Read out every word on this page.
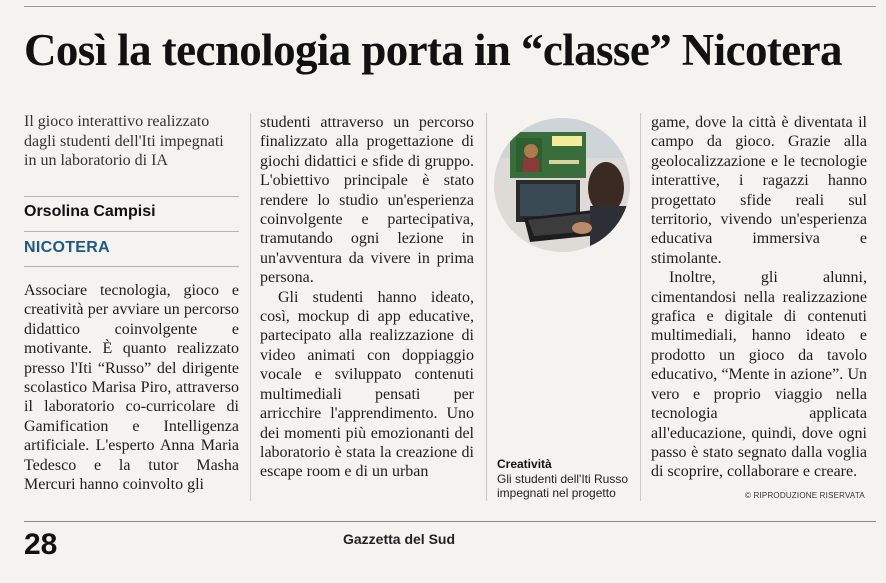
Così la tecnologia porta in “classe” Nicotera
Il gioco interattivo realizzato dagli studenti dell'Iti impegnati in un laboratorio di IA
Orsolina Campisi
NICOTERA

Associare tecnologia, gioco e creatività per avviare un percorso didattico coinvolgente e motivante. È quanto realizzato presso l'Iti “Russo” del dirigente scolastico Marisa Piro, attraverso il laboratorio co-curricolare di Gamification e Intelligenza artificiale. L'esperto Anna Maria Tedesco e la tutor Masha Mercuri hanno coinvolto gli

studenti attraverso un percorso finalizzato alla progettazione di giochi didattici e sfide di gruppo. L'obiettivo principale è stato rendere lo studio un'esperienza coinvolgente e partecipativa, tramutando ogni lezione in un'avventura da vivere in prima persona.

Gli studenti hanno ideato, così, mockup di app educative, partecipato alla realizzazione di video animati con doppiaggio vocale e sviluppato contenuti multimediali pensati per arricchire l'apprendimento. Uno dei momenti più emozionanti del laboratorio è stata la creazione di escape room e di un urban	Creatività
Gli studenti dell'Iti Russo impegnati nel progetto

game, dove la città è diventata il campo da gioco. Grazie alla geolocalizzazione e le tecnologie interattive, i ragazzi hanno progettato sfide reali sul territorio, vivendo un'esperienza educativa immersiva e stimolante.

Inoltre, gli alunni, cimentandosi nella realizzazione grafica e digitale di contenuti multimediali, hanno ideato e prodotto un gioco da tavolo educativo, “Mente in azione”. Un vero e proprio viaggio nella tecnologia applicata all'educazione, quindi, dove ogni passo è stato segnato dalla voglia di scoprire, collaborare e creare.

© RIPRODUZIONE RISERVATA
28	Gazzetta del Sud
